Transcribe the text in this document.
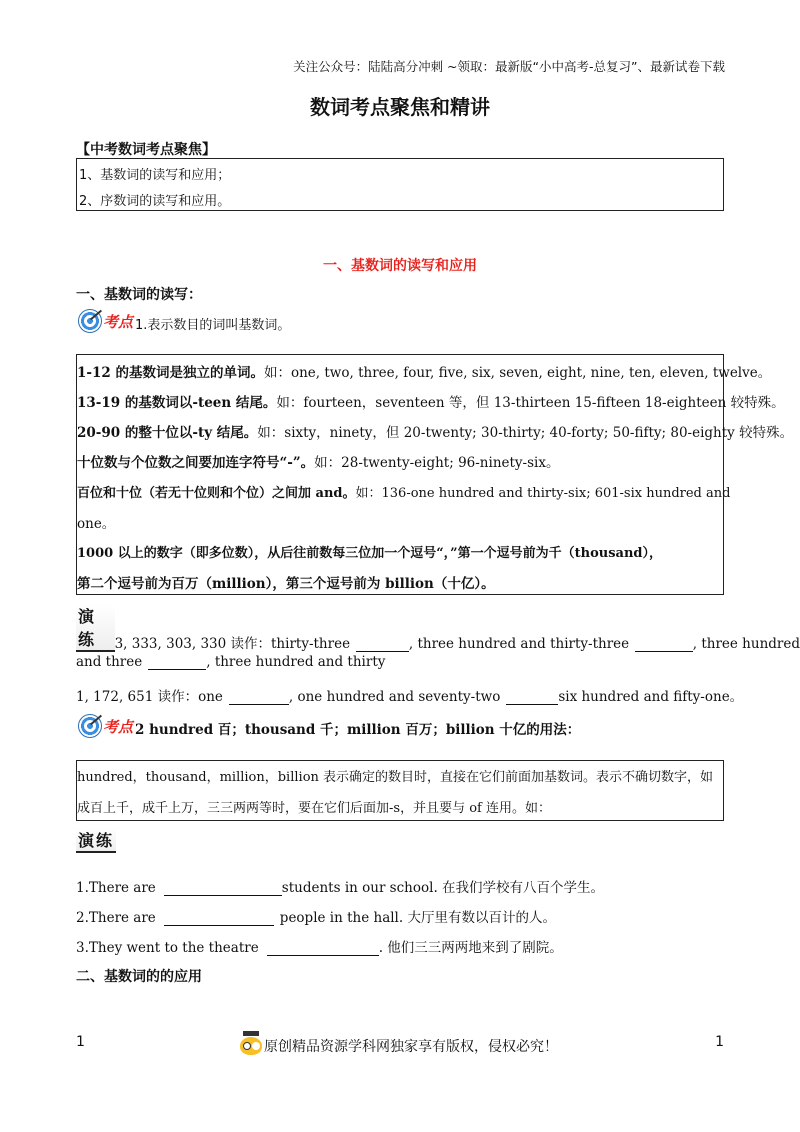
关注公众号：陆陆高分冲刺 ~领取：最新版“小中高考-总复习”、最新试卷下载
数词考点聚焦和精讲
【中考数词考点聚焦】
1、基数词的读写和应用；
2、序数词的读写和应用。
一、基数词的读写和应用
一、基数词的读写：
考点 1.表示数目的词叫基数词。
1-12 的基数词是独立的单词。如：one, two, three, four, five, six, seven, eight, nine, ten, eleven, twelve。
13-19 的基数词以-teen 结尾。如：fourteen，seventeen 等，但 13-thirteen 15-fifteen 18-eighteen 较特殊。
20-90 的整十位以-ty 结尾。如：sixty，ninety，但 20-twenty; 30-thirty; 40-forty; 50-fifty; 80-eighty 较特殊。
十位数与个位数之间要加连字符号“-”。如：28-twenty-eight; 96-ninety-six。
百位和十位（若无十位则和个位）之间加 and。如：136-one hundred and thirty-six; 601-six hundred and
one。
1000 以上的数字（即多位数），从后往前数每三位加一个逗号“，”第一个逗号前为千（thousand），
第二个逗号前为百万（million），第三个逗号前为 billion（十亿）。
演练	3, 333, 303, 330 读作：thirty-three	, three hundred and thirty-three	, three hundred
and three	, three hundred and thirty
1, 172, 651 读作：one	, one hundred and seventy-two	six hundred and fifty-one。
考点 2 hundred 百；thousand 千；million 百万；billion 十亿的用法：
hundred，thousand，million，billion 表示确定的数目时，直接在它们前面加基数词。表示不确切数字，如
成百上千，成千上万，三三两两等时，要在它们后面加-s，并且要与 of 连用。如：
演练
1.There are	students in our school. 在我们学校有八百个学生。
2.There are	people in the hall. 大厅里有数以百计的人。
3.They went to the theatre	. 他们三三两两地来到了剧院。
二、基数词的的应用
1	1
原创精品资源学科网独家享有版权，侵权必究！
